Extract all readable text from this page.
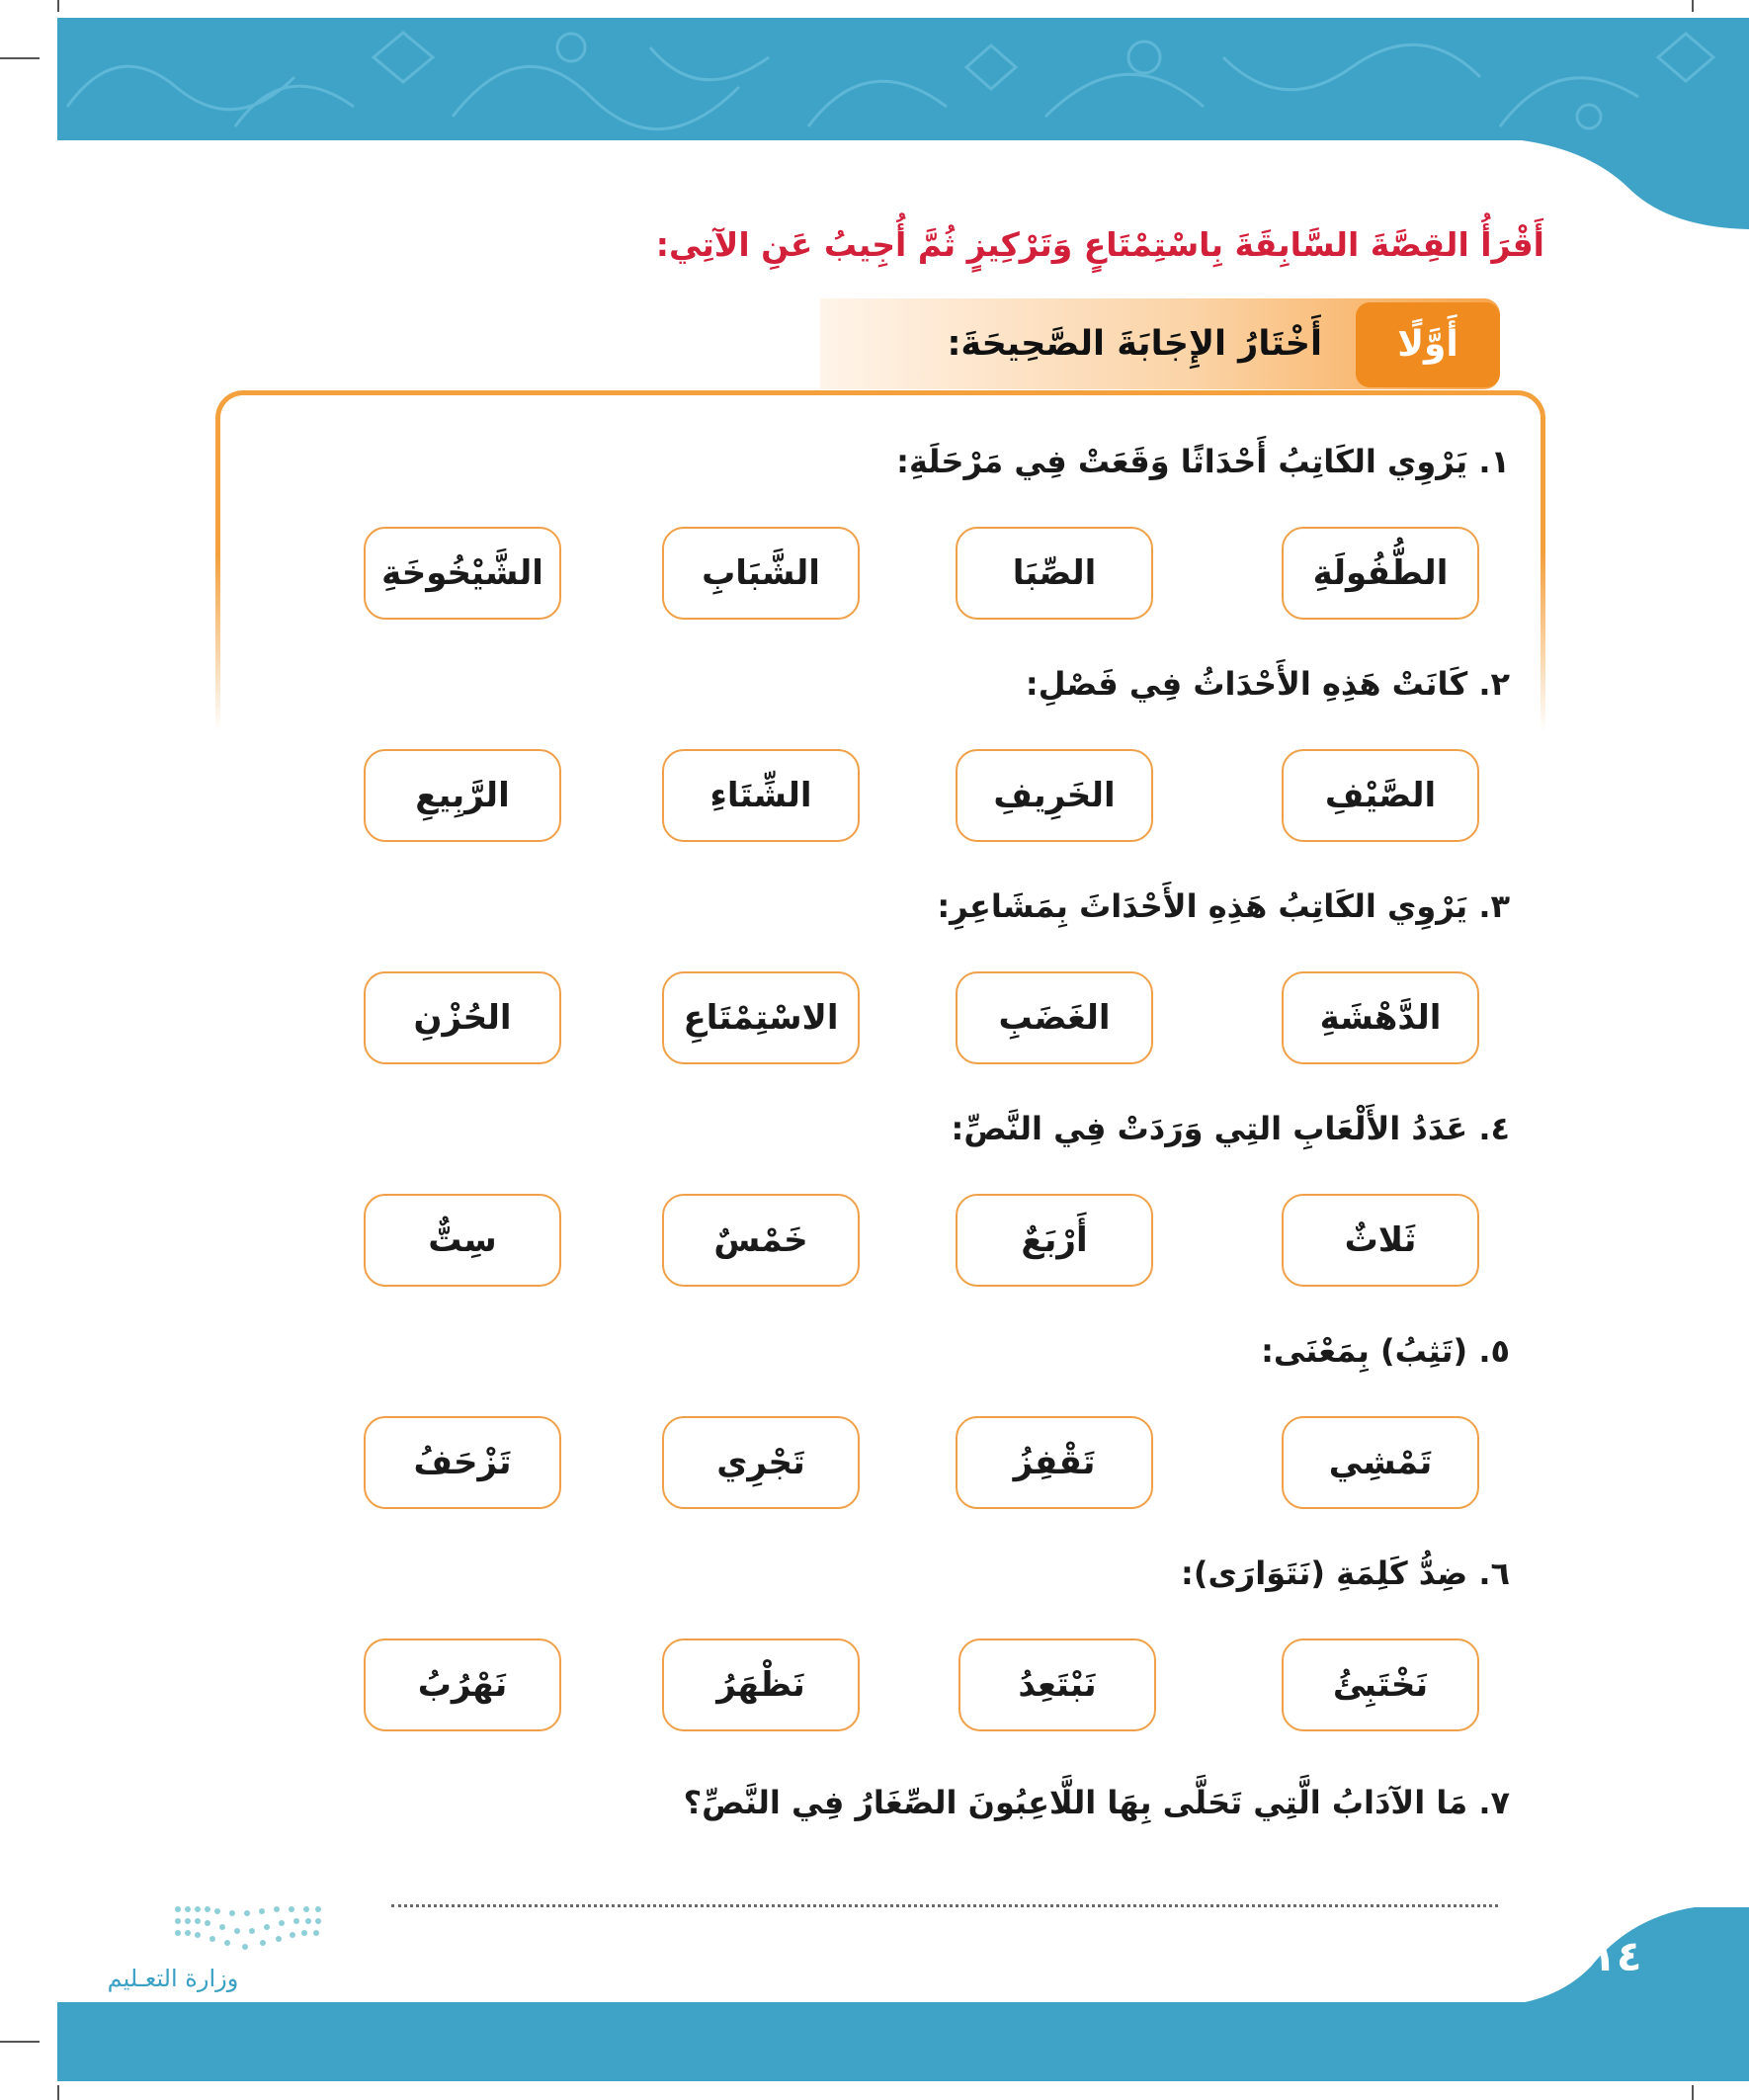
أَقْرَأُ القِصَّةَ السَّابِقَةَ بِاسْتِمْتَاعٍ وَتَرْكِيزٍ ثُمَّ أُجِيبُ عَنِ الآتِي:
أَوَّلًا
أَخْتَارُ الإِجَابَةَ الصَّحِيحَةَ:
١. يَرْوِي الكَاتِبُ أَحْدَاثًا وَقَعَتْ فِي مَرْحَلَةِ:
الطُّفُولَةِ
الصِّبَا
الشَّبَابِ
الشَّيْخُوخَةِ
٢. كَانَتْ هَذِهِ الأَحْدَاثُ فِي فَصْلِ:
الصَّيْفِ
الخَرِيفِ
الشِّتَاءِ
الرَّبِيعِ
٣. يَرْوِي الكَاتِبُ هَذِهِ الأَحْدَاثَ بِمَشَاعِرِ:
الدَّهْشَةِ
الغَضَبِ
الاسْتِمْتَاعِ
الحُزْنِ
٤. عَدَدُ الأَلْعَابِ التِي وَرَدَتْ فِي النَّصِّ:
ثَلاثٌ
أَرْبَعٌ
خَمْسٌ
سِتٌّ
٥. (تَثِبُ) بِمَعْنَى:
تَمْشِي
تَقْفِزُ
تَجْرِي
تَزْحَفُ
٦. ضِدُّ كَلِمَةِ (نَتَوَارَى):
نَخْتَبِئُ
نَبْتَعِدُ
نَظْهَرُ
نَهْرُبُ
٧. مَا الآدَابُ الَّتِي تَحَلَّى بِهَا اللَّاعِبُونَ الصِّغَارُ فِي النَّصِّ؟
١١٤
وزارة التعـليم
